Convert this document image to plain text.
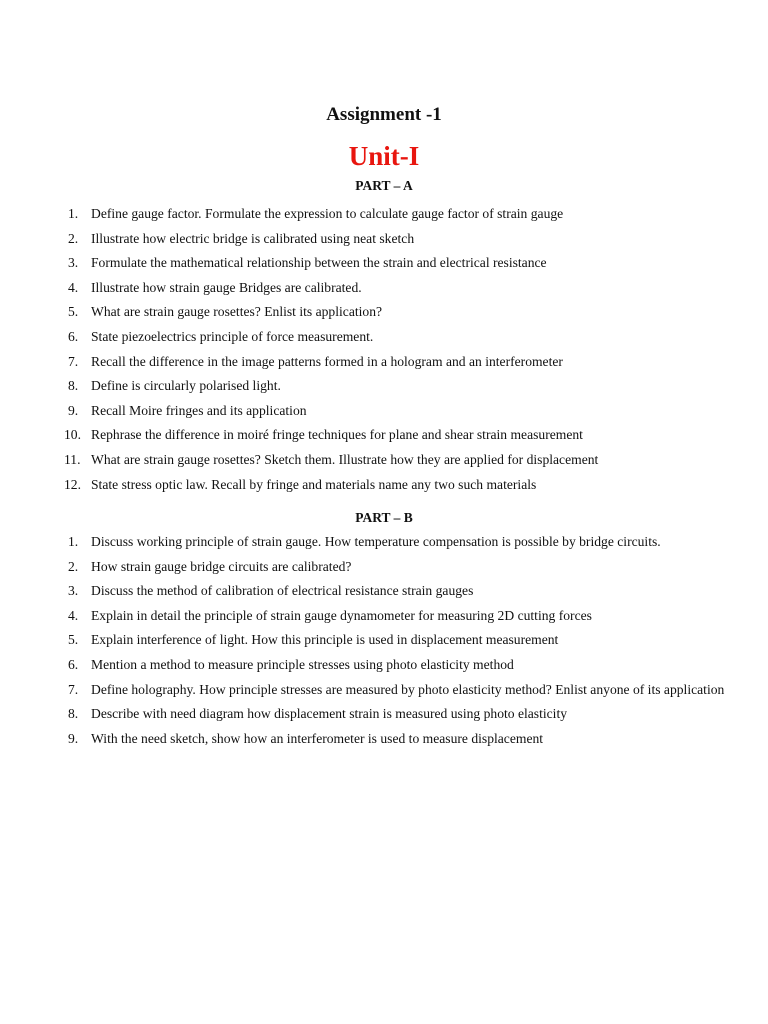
Assignment -1
Unit-I
PART – A
1. Define gauge factor. Formulate the expression to calculate gauge factor of strain gauge
2. Illustrate how electric bridge is calibrated using neat sketch
3. Formulate the mathematical relationship between the strain and electrical resistance
4. Illustrate how strain gauge Bridges are calibrated.
5. What are strain gauge rosettes? Enlist its application?
6. State piezoelectrics principle of force measurement.
7. Recall the difference in the image patterns formed in a hologram and an interferometer
8. Define is circularly polarised light.
9. Recall Moire fringes and its application
10. Rephrase the difference in moiré fringe techniques for plane and shear strain measurement
11. What are strain gauge rosettes? Sketch them. Illustrate how they are applied for displacement
12. State stress optic law. Recall by fringe and materials name any two such materials
PART – B
1. Discuss working principle of strain gauge. How temperature compensation is possible by bridge circuits.
2. How strain gauge bridge circuits are calibrated?
3. Discuss the method of calibration of electrical resistance strain gauges
4. Explain in detail the principle of strain gauge dynamometer for measuring 2D cutting forces
5. Explain interference of light. How this principle is used in displacement measurement
6. Mention a method to measure principle stresses using photo elasticity method
7. Define holography. How principle stresses are measured by photo elasticity method? Enlist anyone of its application
8. Describe with need diagram how displacement strain is measured using photo elasticity
9. With the need sketch, show how an interferometer is used to measure displacement
